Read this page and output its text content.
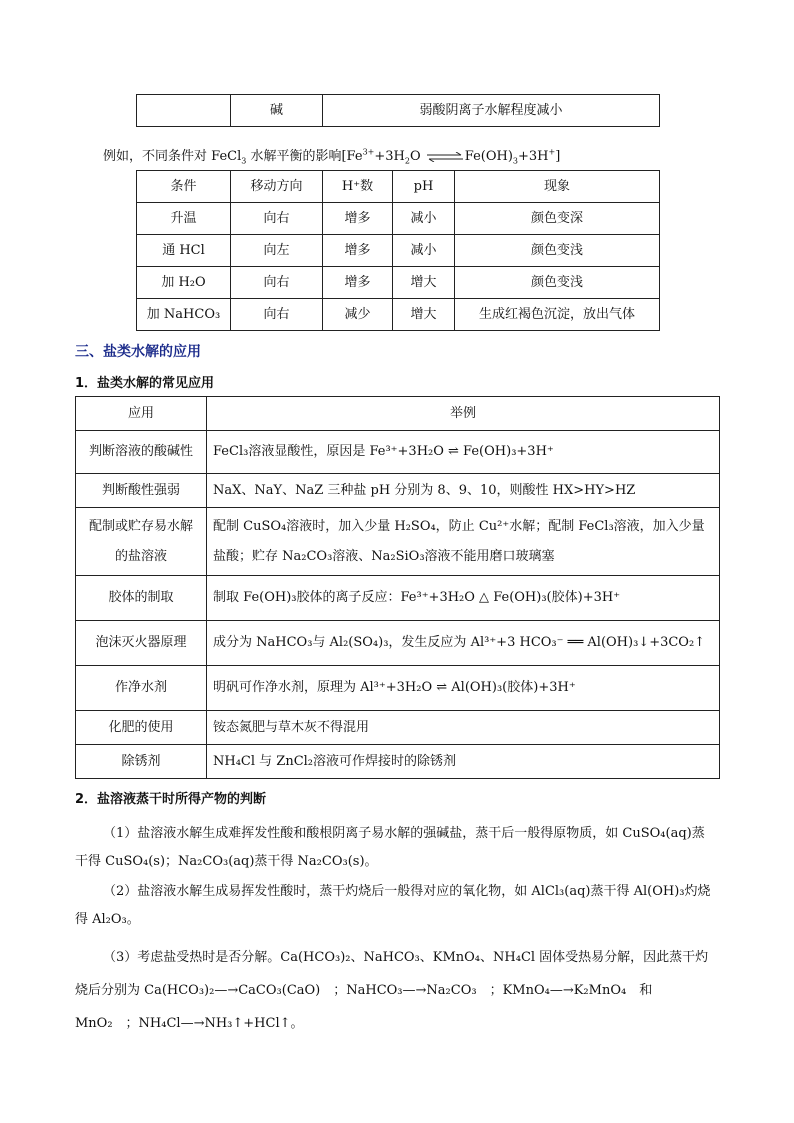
	碱	弱酸阴离子水解程度减小
例如，不同条件对 FeCl$_3$ 水解平衡的影响[$Fe^{3+}+3H_2O$ ⇌ $Fe(OH)_3+3H^+$]
条件	移动方向	H⁺数	pH	现象
升温	向右	增多	减小	颜色变深
通 HCl	向左	增多	减小	颜色变浅
加 H₂O	向右	增多	增大	颜色变浅
加 NaHCO₃	向右	减少	增大	生成红褐色沉淀，放出气体
三、盐类水解的应用
1．盐类水解的常见应用
应用	举例
判断溶液的酸碱性	FeCl₃溶液显酸性，原因是 Fe³⁺+3H₂O ⇌ Fe(OH)₃+3H⁺
判断酸性强弱	NaX、NaY、NaZ 三种盐 pH 分别为 8、9、10，则酸性 HX>HY>HZ
配制或贮存易水解的盐溶液	配制 CuSO₄溶液时，加入少量 H₂SO₄，防止 Cu²⁺水解；配制 FeCl₃溶液，加入少量盐酸；贮存 Na₂CO₃溶液、Na₂SiO₃溶液不能用磨口玻璃塞
胶体的制取	制取 Fe(OH)₃胶体的离子反应：Fe³⁺+3H₂O △ Fe(OH)₃(胶体)+3H⁺
泡沫灭火器原理	成分为 NaHCO₃与 Al₂(SO₄)₃，发生反应为 Al³⁺+3 HCO₃⁻ ══ Al(OH)₃↓+3CO₂↑
作净水剂	明矾可作净水剂，原理为 Al³⁺+3H₂O ⇌ Al(OH)₃(胶体)+3H⁺
化肥的使用	铵态氮肥与草木灰不得混用
除锈剂	NH₄Cl 与 ZnCl₂溶液可作焊接时的除锈剂
2．盐溶液蒸干时所得产物的判断
（1）盐溶液水解生成难挥发性酸和酸根阴离子易水解的强碱盐，蒸干后一般得原物质，如 CuSO₄(aq)蒸干得 CuSO₄(s)；Na₂CO₃(aq)蒸干得 Na₂CO₃(s)。
（2）盐溶液水解生成易挥发性酸时，蒸干灼烧后一般得对应的氧化物，如 AlCl₃(aq)蒸干得 Al(OH)₃灼烧得 Al₂O₃。
（3）考虑盐受热时是否分解。Ca(HCO₃)₂、NaHCO₃、KMnO₄、NH₄Cl 固体受热易分解，因此蒸干灼烧后分别为 Ca(HCO₃)₂—→CaCO₃(CaO)　；NaHCO₃—→Na₂CO₃　；KMnO₄—→K₂MnO₄　和 MnO₂　；NH₄Cl—→NH₃↑+HCl↑。
